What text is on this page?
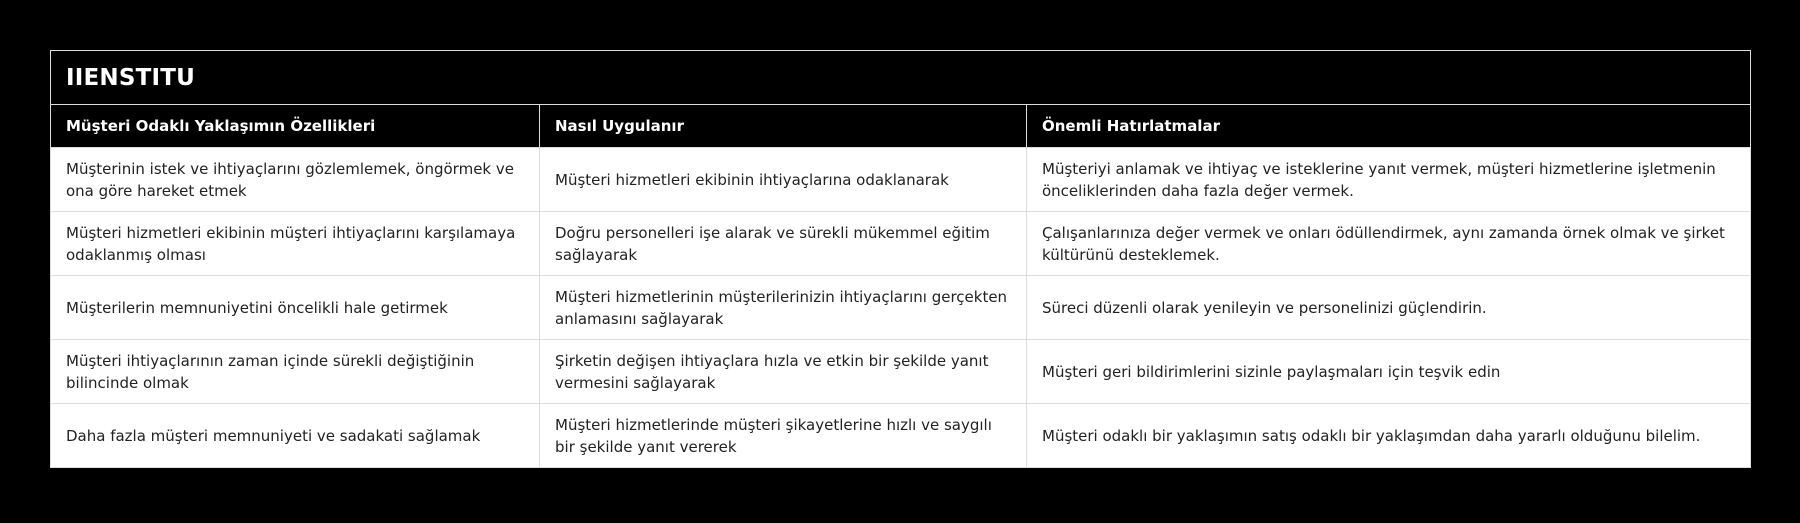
IIENSTITU		
Müşteri Odaklı Yaklaşımın Özellikleri	Nasıl Uygulanır	Önemli Hatırlatmalar
Müşterinin istek ve ihtiyaçlarını gözlemlemek, öngörmek ve ona göre hareket etmek	Müşteri hizmetleri ekibinin ihtiyaçlarına odaklanarak	Müşteriyi anlamak ve ihtiyaç ve isteklerine yanıt vermek, müşteri hizmetlerine işletmenin önceliklerinden daha fazla değer vermek.
Müşteri hizmetleri ekibinin müşteri ihtiyaçlarını karşılamaya odaklanmış olması	Doğru personelleri işe alarak ve sürekli mükemmel eğitim sağlayarak	Çalışanlarınıza değer vermek ve onları ödüllendirmek, aynı zamanda örnek olmak ve şirket kültürünü desteklemek.
Müşterilerin memnuniyetini öncelikli hale getirmek	Müşteri hizmetlerinin müşterilerinizin ihtiyaçlarını gerçekten anlamasını sağlayarak	Süreci düzenli olarak yenileyin ve personelinizi güçlendirin.
Müşteri ihtiyaçlarının zaman içinde sürekli değiştiğinin bilincinde olmak	Şirketin değişen ihtiyaçlara hızla ve etkin bir şekilde yanıt vermesini sağlayarak	Müşteri geri bildirimlerini sizinle paylaşmaları için teşvik edin
Daha fazla müşteri memnuniyeti ve sadakati sağlamak	Müşteri hizmetlerinde müşteri şikayetlerine hızlı ve saygılı bir şekilde yanıt vererek	Müşteri odaklı bir yaklaşımın satış odaklı bir yaklaşımdan daha yararlı olduğunu bilelim.
